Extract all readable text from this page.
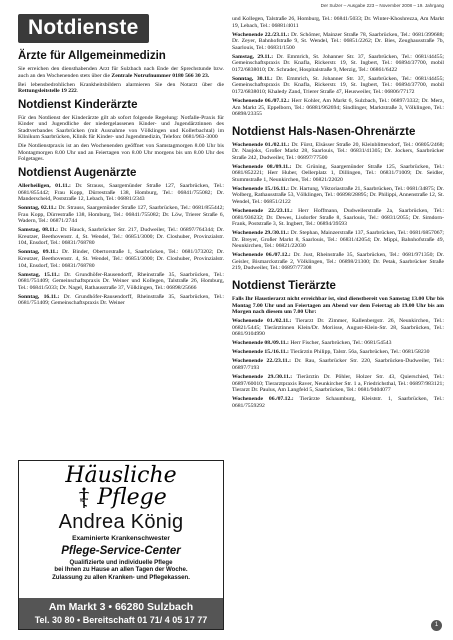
Der Sulzer – Ausgabe 223 – November 2008 – 19. Jahrgang
Notdienste
Ärzte für Allgemeinmedizin

Sie erreichen den diensthabenden Arzt für Sulzbach nach Ende der Sprechstunde bzw. auch an den Wochenenden stets über die Zentrale Notrufnummer 0180 566 30 23.

Bei lebensbedrohlichen Krankheitsbildern alarmieren Sie den Notarzt über die Rettungsleitstelle 19 222.

Notdienst Kinderärzte

Für den Notdienst der Kinderärzte gilt ab sofort folgende Regelung: Notfalle-Praxis für Kinder und Jugendliche der niedergelassenen Kinder- und Jugendärztinnen des Stadtverbandes Saarbrücken (mit Ausnahme von Völklingen und Kollerbachtal) im Klinikum Saarbrücken, Klinik für Kinder- und Jugendmedizin, Telefon: 0681/963-3000

Die Notdienstpraxis ist an den Wochenenden geöffnet von Samstagmorgen 8.00 Uhr bis Montagmorgen 8.00 Uhr und an Feiertagen von 8.00 Uhr morgens bis um 8.00 Uhr des Folgetages.

Notdienst Augenärzte

Allerheiligen, 01.11.: Dr. Strauss, Saargemünder Straße 127, Saarbrücken, Tel.: 0681/855442; Frau Kopp, Dürrestraße 138, Homburg, Tel.: 06841/755082; Dr. Manderscheid, Poststraße 12, Lebach, Tel.: 06881/2343

Sonntag, 02.11.: Dr. Strauss, Saargemünder Straße 127, Saarbrücken, Tel.: 0681/855442; Frau Kopp, Dürrestraße 138, Homburg, Tel.: 06841/755082; Dr. Löw, Trierer Straße 6, Wadern, Tel.: 06871/2744

Samstag, 08.11.: Dr. Hauck, Saarbrücker Str. 217, Dudweiler, Tel.: 06897/764344; Dr. Kreutzer, Beethovenstr. 4, St. Wendel, Tel.: 06851/3000; Dr. Closhuber, Provinzialstr. 104, Ensdorf, Tel.: 06831/768780

Sonntag, 09.11.: Dr. Binder, Obertorstraße 1, Saarbrücken, Tel.: 0681/373202; Dr. Kreutzer, Beethovenstr. 4, St. Wendel, Tel.: 06851/3000; Dr. Closhuber, Provinzialstr. 104, Ensdorf, Tel.: 06831/768780

Samstag, 15.11.: Dr. Grundhöfer-Rausendorff, Rheinstraße 35, Saarbrücken, Tel.: 0681/751409; Gemeinschaftspraxis Dr. Weiner und Kollegen, Talstraße 26, Homburg, Tel.: 06841/5033; Dr. Nagel, Rathausstraße 37, Völklingen, Tel.: 06898/25666

Sonntag, 16.11.: Dr. Grundhöfer-Rausendorff, Rheinstraße 35, Saarbrücken, Tel.: 0681/751409; Gemeinschaftspraxis Dr. Weiner

Häusliche
Pflege
Andrea König
Examinierte Krankenschwester
Pflege-Service-Center
Qualifizierte und individuelle Pflege
bei Ihnen zu Hause an allen Tagen der Woche.
Zulassung zu allen Kranken- und Pflegekassen.
Am Markt 3 • 66280 Sulzbach
Tel. 30 80 • Bereitschaft 01 71/ 4 05 17 77

und Kollegen, Talstraße 26, Homburg, Tel.: 06841/5033; Dr. Winter-Khoshrezza, Am Markt 19, Lebach, Tel.: 06881/4011

Wochenende 22./23.11.: Dr. Schömer, Mainzer Straße 78, Saarbrücken, Tel.: 0681/399688; Dr. Zeyer, Bahnhofstraße 9, St. Wendel, Tel.: 06851/2262; Dr. Bies, Zeughausstraße 7b, Saarlouis, Tel.: 06831/1500

Samstag, 29.11.: Dr. Emmrich, St. Johanner Str. 37, Saarbrücken, Tel.: 0681/44455; Gemeinschaftspraxis Dr. Knafla, Rickerstr. 19, St. Ingbert, Tel.: 06894/37700, mobil 0172/6838010; Dr. Schrader, Hospitalstraße 9, Merzig, Tel.: 06861/6422

Sonntag, 30.11.: Dr. Emmrich, St. Johanner Str. 37, Saarbrücken, Tel.: 0681/44455; Gemeinschaftspraxis Dr. Knafla, Rickerstr. 19, St. Ingbert, Tel.: 06894/37700, mobil 0172/6838010; Khaledy Zand, Trierer Straße 47, Heusweiler, Tel.: 06806/77172

Wochenende 06./07.12.: Herr Kohler, Am Markt 6, Sulzbach, Tel.: 06897/3332; Dr. Merz, Am Markt 25, Eppelborn, Tel.: 06881/962694; Sindlinger, Marktstraße 3, Völklingen, Tel.: 06898/23355

Notdienst Hals-Nasen-Ohrenärzte

Wochenende 01./02.11.: Dr. Fürst, Elsässer Straße 20, Kleinblittersdorf, Tel.: 06805/2468; Dr. Naujoks, Großer Markt 28, Saarlouis, Tel.: 06831/41305; Dr. Jockers, Saarbrücker Straße 242, Dudweiler, Tel.: 06897/77500

Wochenende 08./09.11.: Dr. Grüning, Saargemünder Straße 125, Saarbrücken, Tel.: 0681/852221; Herr Huber, Oellerplatz 1, Dillingen, Tel.: 06831/71009; Dr. Seidler, Stummstraße 1, Neunkirchen, Tel.: 06821/22020

Wochenende 15./16.11.: Dr. Hartung, Viktoriastraße 21, Saarbrücken, Tel.: 0681/34875; Dr. Wolberg, Rathausstraße 53, Völklingen, Tel.: 06898/28895; Dr. Philippi, Annenstraße 12, St. Wendel, Tel.: 06851/2122

Wochenende 22./23.11.: Herr Hoffmann, Dudweilerstraße 2a, Saarbrücken, Tel.: 0681/936232; Dr. Dewes, Lisdorfer Straße 8, Saarlouis, Tel.: 06831/2055; Dr. Simdorn-Frank, Poststraße 3, St. Ingbert, Tel.: 06894/39593

Wochenende 29./30.11.: Dr. Stephan, Mainzerstraße 137, Saarbrücken, Tel.: 0681/6857067; Dr. Breyer, Großer Markt 8, Saarlouis, Tel.: 06831/42054; Dr. Mippi, Bahnhofstraße 49, Neunkirchen, Tel.: 06821/22030

Wochenende 06./07.12.: Dr. Just, Rheinstraße 35, Saarbrücken, Tel.: 0681/971350; Dr. Geisler, Bismarckstraße 2, Völklingen, Tel.: 06898/21300; Dr. Petak, Saarbrücker Straße 219, Dudweiler, Tel.: 06897/77308

Notdienst Tierärzte

Falls Ihr Haustierarzt nicht erreichbar ist, sind dienstbereit von Samstag 13.00 Uhr bis Montag 7.00 Uhr und an Feiertagen am Abend vor dem Feiertag ab 19.00 Uhr bis am Morgen nach diesem um 7.00 Uhr:

Wochenende 01./02.11.: Tierarzt Dr. Zimmer, Kallenbergstr. 26, Neunkirchen, Tel.: 06821/5445; Tierärztinnen Klein/Dr. Moriisse, August-Klein-Str. 28, Saarbrücken, Tel.: 0681/9104990

Wochenende 08./09.11.: Herr Fischer, Saarbrücken, Tel.: 0681/54543

Wochenende 15./16.11.: Tierärztin Philipp, Talstr. 56a, Saarbrücken, Tel.: 0681/58230

Wochenende 22./23.11.: Dr. Rau, Saarbrücker Str. 220, Saarbrücken-Dudweiler, Tel.: 06897/7193

Wochenende 29./30.11.: Tierärztin Dr. Pöhler, Holzer Str. 43, Quierschied, Tel.: 06897/60010; Tierarztpraxis Raver, Neunkircher Str. 1 a, Friedrichsthal, Tel.: 06897/983121; Tierarzt Dr. Paulus, Am Langfeld 5, Saarbrücken, Tel.: 0681/9404077

Wochenende 06./07.12.: Tierärzte Schaumburg, Kleiststr. 1, Saarbrücken, Tel.: 0681/7559292

1
